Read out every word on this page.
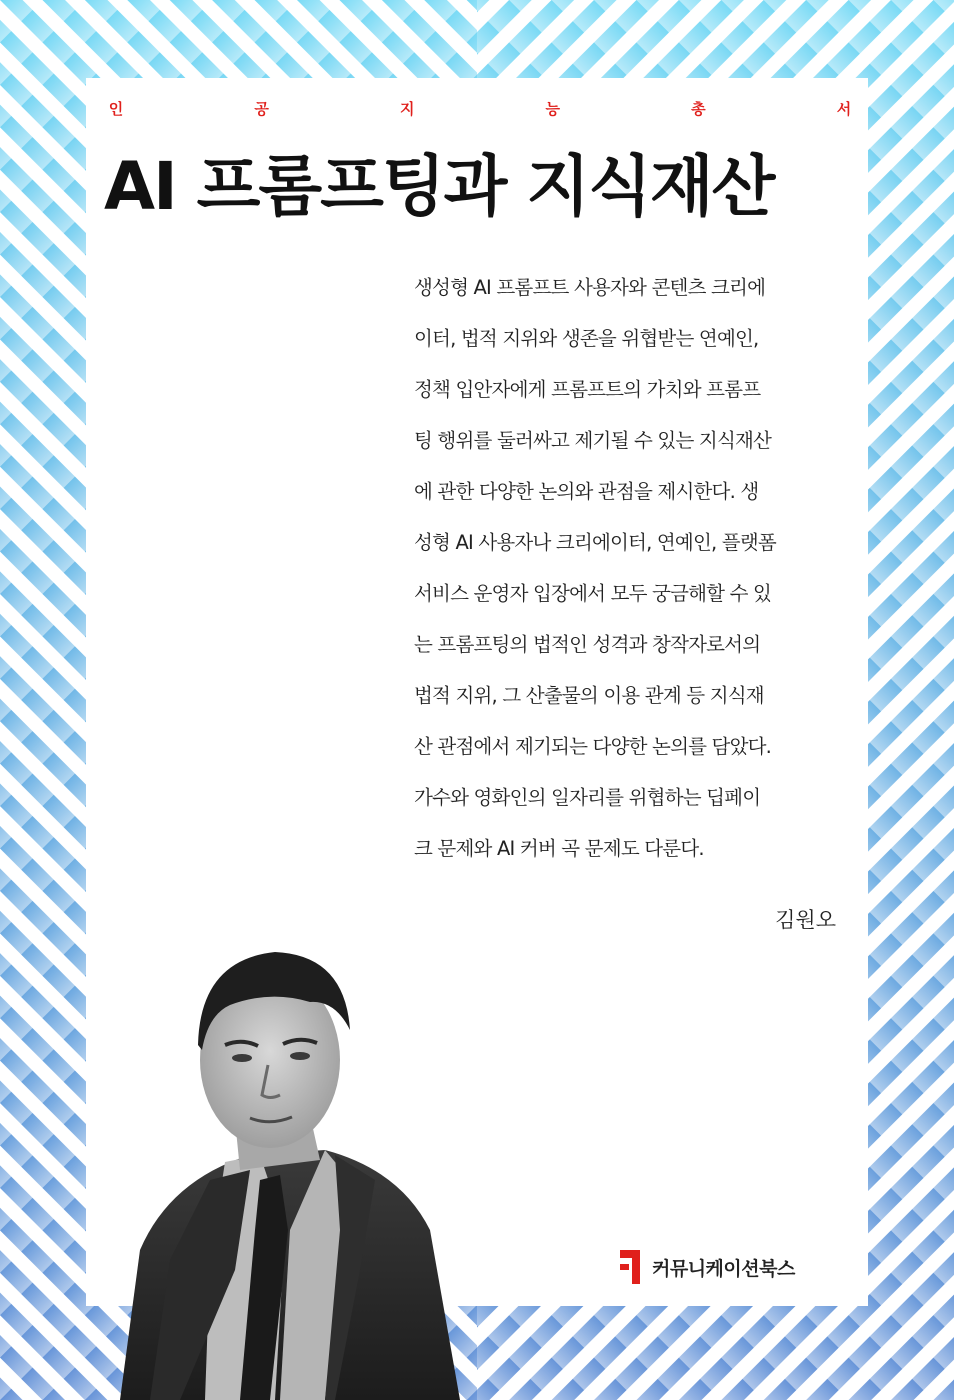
인	공	지	능	총	서
AI 프롬프팅과 지식재산
생성형 AI 프롬프트 사용자와 콘텐츠 크리에
이터, 법적 지위와 생존을 위협받는 연예인,
정책 입안자에게 프롬프트의 가치와 프롬프
팅 행위를 둘러싸고 제기될 수 있는 지식재산
에 관한 다양한 논의와 관점을 제시한다. 생
성형 AI 사용자나 크리에이터, 연예인, 플랫폼
서비스 운영자 입장에서 모두 궁금해할 수 있
는 프롬프팅의 법적인 성격과 창작자로서의
법적 지위, 그 산출물의 이용 관계 등 지식재
산 관점에서 제기되는 다양한 논의를 담았다.
가수와 영화인의 일자리를 위협하는 딥페이
크 문제와 AI 커버 곡 문제도 다룬다.
김원오
커뮤니케이션북스
